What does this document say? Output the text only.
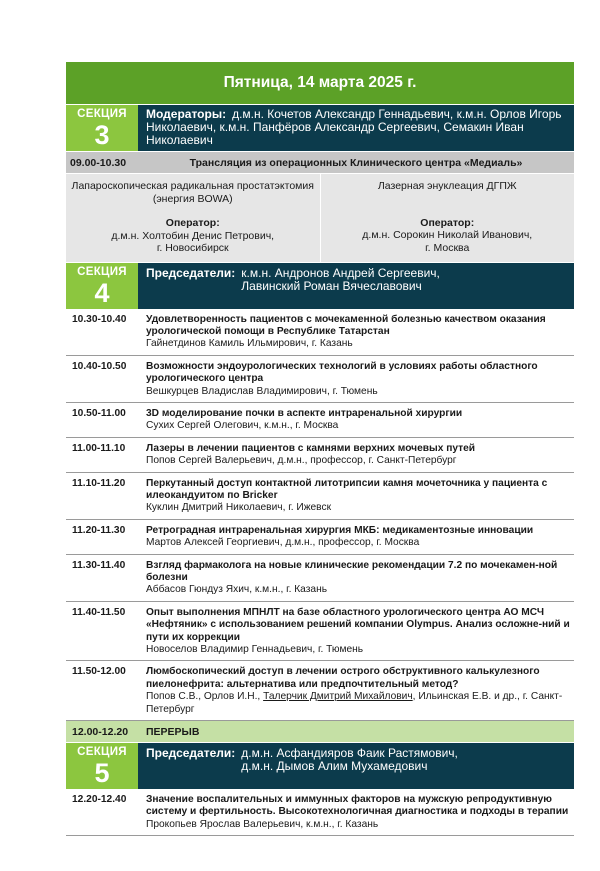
Пятница, 14 марта 2025 г.
СЕКЦИЯ
3
Модераторы: д.м.н. Кочетов Александр Геннадьевич, к.м.н. Орлов Игорь Николаевич, к.м.н. Панфёров Александр Сергеевич, Семакин Иван Николаевич
09.00-10.30	Трансляция из операционных Клинического центра «Медиаль»
Лапароскопическая радикальная простатэктомия (энергия BOWA)
Оператор:
д.м.н. Холтобин Денис Петрович,
г. Новосибирск
Лазерная энуклеация ДГПЖ
Оператор:
д.м.н. Сорокин Николай Иванович,
г. Москва
СЕКЦИЯ
4
Председатели: к.м.н. Андронов Андрей Сергеевич,
Лавинский Роман Вячеславович
10.30-10.40	Удовлетворенность пациентов с мочекаменной болезнью качеством оказания урологической помощи в Республике Татарстан
Гайнетдинов Камиль Ильмирович, г. Казань
10.40-10.50	Возможности эндоурологических технологий в условиях работы областного урологического центра
Вешкурцев Владислав Владимирович, г. Тюмень
10.50-11.00	3D моделирование почки в аспекте интраренальной хирургии
Сухих Сергей Олегович, к.м.н., г. Москва
11.00-11.10	Лазеры в лечении пациентов с камнями верхних мочевых путей
Попов Сергей Валерьевич, д.м.н., профессор, г. Санкт-Петербург
11.10-11.20	Перкутанный доступ контактной литотрипсии камня мочеточника у пациента с илеокандуитом по Bricker
Куклин Дмитрий Николаевич, г. Ижевск
11.20-11.30	Ретроградная интраренальная хирургия МКБ: медикаментозные инновации
Мартов Алексей Георгиевич, д.м.н., профессор, г. Москва
11.30-11.40	Взгляд фармаколога на новые клинические рекомендации 7.2 по мочекамен-ной болезни
Аббасов Гюндуз Яхич, к.м.н., г. Казань
11.40-11.50	Опыт выполнения МПНЛТ на базе областного урологического центра АО МСЧ «Нефтяник» с использованием решений компании Olympus. Анализ осложне-ний и пути их коррекции
Новоселов Владимир Геннадьевич, г. Тюмень
11.50-12.00	Люмбоскопический доступ в лечении острого обструктивного калькулезного пиелонефрита: альтернатива или предпочтительный метод?
Попов С.В., Орлов И.Н., Талерчик Дмитрий Михайлович, Ильинская Е.В. и др., г. Санкт-Петербург
12.00-12.20	ПЕРЕРЫВ
СЕКЦИЯ
5
Председатели: д.м.н. Асфандияров Фаик Растямович,
д.м.н. Дымов Алим Мухамедович
12.20-12.40	Значение воспалительных и иммунных факторов на мужскую репродуктивную систему и фертильность. Высокотехнологичная диагностика и подходы в терапии
Прокопьев Ярослав Валерьевич, к.м.н., г. Казань
